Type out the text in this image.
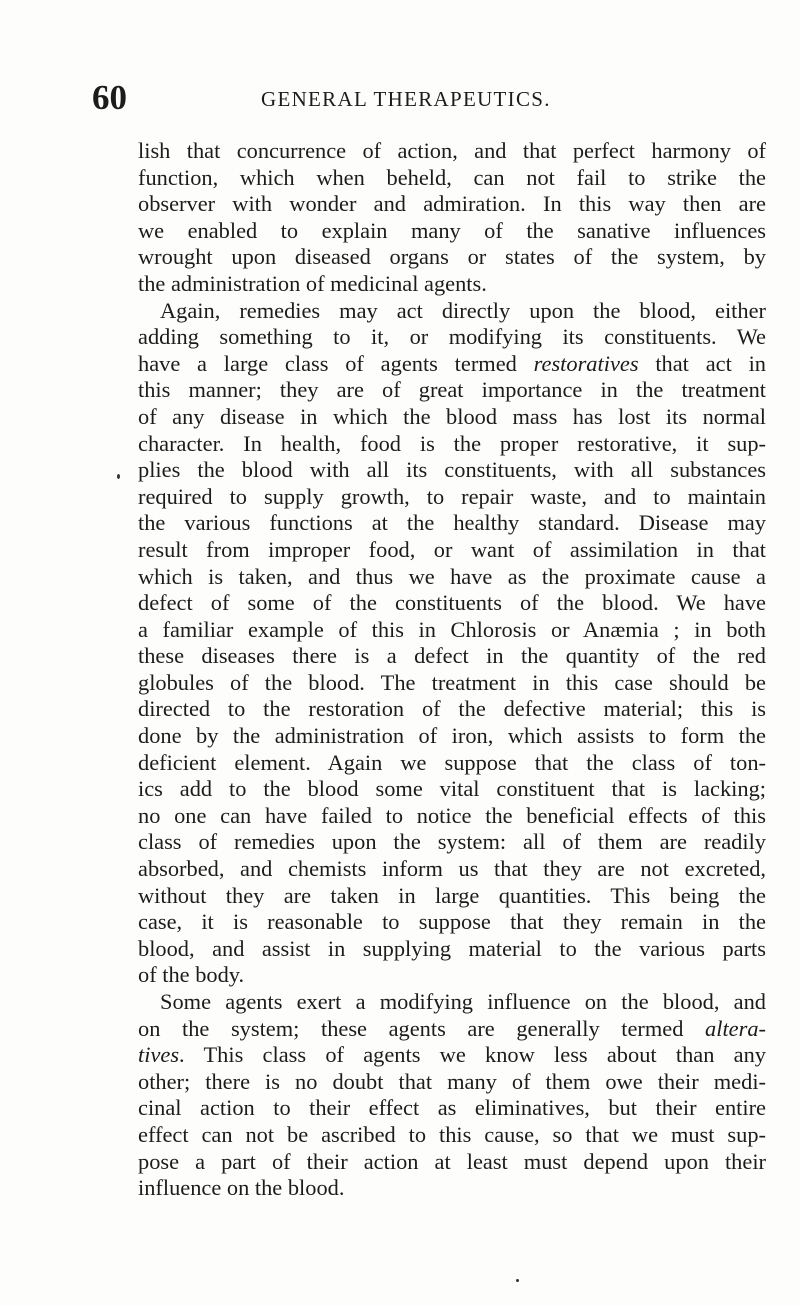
60	GENERAL THERAPEUTICS.
lish that concurrence of action, and that perfect harmony of
function, which when beheld, can not fail to strike the
observer with wonder and admiration. In this way then are
we enabled to explain many of the sanative influences
wrought upon diseased organs or states of the system, by
the administration of medicinal agents.
Again, remedies may act directly upon the blood, either
adding something to it, or modifying its constituents. We
have a large class of agents termed restoratives that act in
this manner; they are of great importance in the treatment
of any disease in which the blood mass has lost its normal
character. In health, food is the proper restorative, it sup-
plies the blood with all its constituents, with all substances
required to supply growth, to repair waste, and to maintain
the various functions at the healthy standard. Disease may
result from improper food, or want of assimilation in that
which is taken, and thus we have as the proximate cause a
defect of some of the constituents of the blood. We have
a familiar example of this in Chlorosis or Anæmia ; in both
these diseases there is a defect in the quantity of the red
globules of the blood. The treatment in this case should be
directed to the restoration of the defective material; this is
done by the administration of iron, which assists to form the
deficient element. Again we suppose that the class of ton-
ics add to the blood some vital constituent that is lacking;
no one can have failed to notice the beneficial effects of this
class of remedies upon the system: all of them are readily
absorbed, and chemists inform us that they are not excreted,
without they are taken in large quantities. This being the
case, it is reasonable to suppose that they remain in the
blood, and assist in supplying material to the various parts
of the body.
Some agents exert a modifying influence on the blood, and
on the system; these agents are generally termed altera-
tives. This class of agents we know less about than any
other; there is no doubt that many of them owe their medi-
cinal action to their effect as eliminatives, but their entire
effect can not be ascribed to this cause, so that we must sup-
pose a part of their action at least must depend upon their
influence on the blood.
